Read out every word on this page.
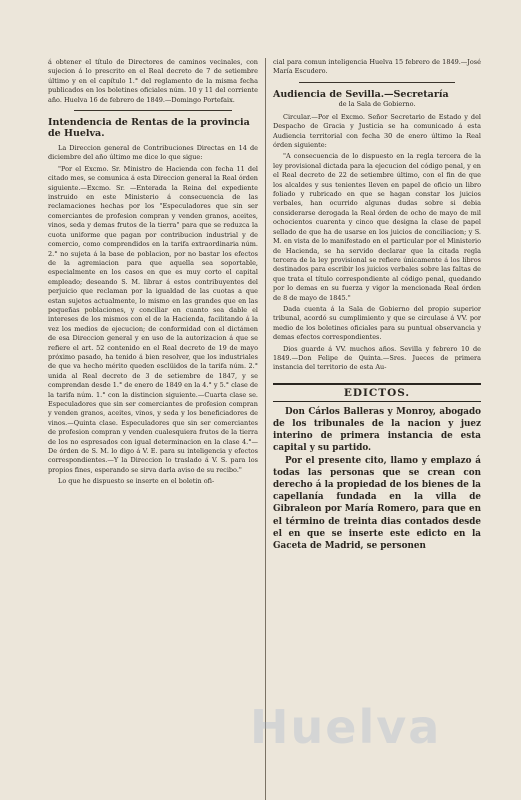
á obtener el título de Directores de caminos vecinales, con sujecion á lo prescrito en el Real decreto de 7 de setiembre último y en el capítulo 1.° del reglamento de la misma fecha publicados en los boletines oficiales núm. 10 y 11 del corriente año. Huelva 16 de febrero de 1849.—Domingo Portefaix.

Intendencia de Rentas de la provincia de Huelva.

La Direccion general de Contribuciones Directas en 14 de diciembre del año último me dice lo que sigue:

"Por el Excmo. Sr. Ministro de Hacienda con fecha 11 del citado mes, se comunica á esta Direccion general la Real órden siguiente.—Excmo. Sr. —Enterada la Reina del expediente instruido en este Ministerio á consecuencia de las reclamaciones hechas por los "Especuladores que sin ser comerciantes de profesion compran y venden granos, aceites, vinos, seda y demas frutos de la tierra" para que se reduzca la cuota uniforme que pagan por contribucion industrial y de comercio, como comprendidos en la tarifa extraordinaria núm. 2.° no sujeta á la base de poblacion, por no bastar los efectos de la agremiacion para que aquella sea soportable, especialmente en los casos en que es muy corto el capital empleado; deseando S. M. librar á estos contribuyentes del perjuicio que reclaman por la igualdad de las cuotas a que estan sujetos actualmente, lo mismo en las grandes que en las pequeñas poblaciones, y conciliar en cuanto sea dable el intereses de los mismos con el de la Hacienda, facilitando á la vez los medios de ejecucion; de conformidad con el dictámen de esa Direccion general y en uso de la autorizacion á que se refiere el art. 52 contenido en el Real decreto de 19 de mayo próximo pasado, ha tenido á bien resolver, que los industriales de que va hecho mérito queden esclüidos de la tarifa núm. 2.° unida al Real decreto de 3 de setiembre de 1847, y se comprendan desde 1.° de enero de 1849 en la 4.° y 5.° clase de la tarifa núm. 1.° con la distincion siguiente.—Cuarta clase se. Especuladores que sin ser comerciantes de profesion compran y venden granos, aceites, vinos, y seda y los beneficiadores de vinos.—Quinta clase. Especuladores que sin ser comerciantes de profesion compran y venden cualesquiera frutos de la tierra de los no espresados con igual determinacion en la clase 4.°—De órden de S. M. lo digo á V. E. para su inteligencia y efectos correspondientes.—Y la Direccion lo traslado á V. S. para los propios fines, esperando se sirva darla aviso de su recibo."

Lo que he dispuesto se inserte en el boletin ofi-

cial para comun inteligencia Huelva 15 febrero de 1849.—José María Escudero.

Audiencia de Sevilla.—Secretaría
de la Sala de Gobierno.

Circular.—Por el Excmo. Señor Secretario de Estado y del Despacho de Gracia y Justicia se ha comunicado á esta Audiencia territorial con fecha 30 de enero último la Real órden siguiente:

"A consecuencia de lo dispuesto en la regla tercera de la ley provisional dictada para la ejecucion del código penal, y en el Real decreto de 22 de setiembre último, con el fin de que los alcaldes y sus tenientes lleven en papel de oficio un libro foliado y rubricado en que se hagan constar los juicios verbales, han ocurrido algunas dudas sobre si debia considerarse derogada la Real órden de ocho de mayo de mil ochocientos cuarenta y cinco que designa la clase de papel sellado de que ha de usarse en los juicios de conciliacion; y S. M. en vista de lo manifestado en el particular por el Ministerio de Hacienda, se ha servido declarar que la citada regla tercera de la ley provisional se refiere únicamente á los libros destinados para escribir los juicios verbales sobre las faltas de que trata el título correspondiente al código penal, quedando por lo demas en su fuerza y vigor la mencionada Real órden de 8 de mayo de 1845."

Dada cuenta á la Sala de Gobierno del propio superior tribunal, acordó su cumplimiento y que se circulase á VV. por medio de los boletines oficiales para su puntual observancia y demas efectos correspondientes.

Dios guarde á VV. muchos años. Sevilla y febrero 10 de 1849.—Don Felipe de Quinta.—Sres. Jueces de primera instancia del territorio de esta Au-

EDICTOS.

Don Cárlos Balleras y Monroy, abogado de los tribunales de la nacion y juez interino de primera instancia de esta capital y su partido.

Por el presente cito, llamo y emplazo á todas las personas que se crean con derecho á la propiedad de los bienes de la capellanía fundada en la villa de Gibraleon por María Romero, para que en el término de treinta dias contados desde el en que se inserte este edicto en la Gaceta de Madrid, se personen

Huelva
